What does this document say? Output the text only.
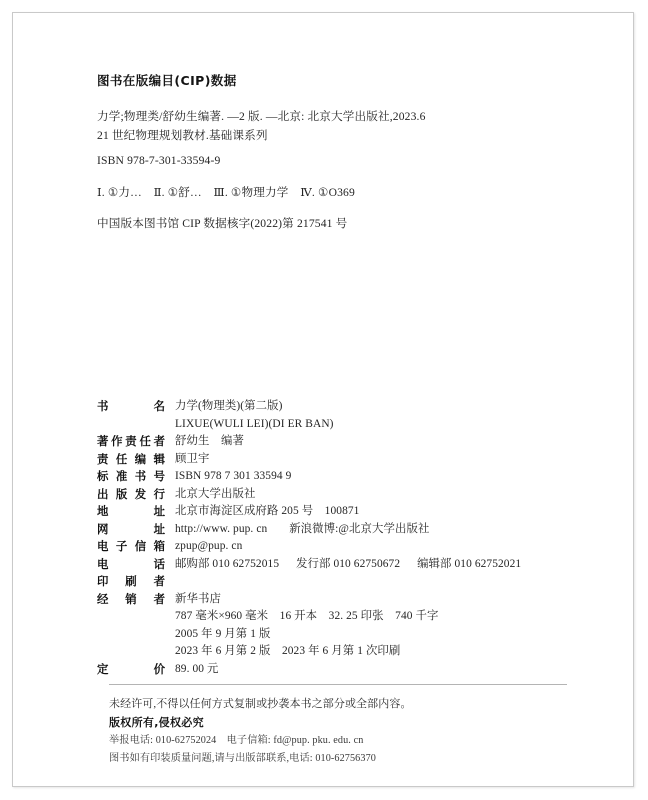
图书在版编目(CIP)数据
力学;物理类/舒幼生编著. —2 版. —北京: 北京大学出版社,2023.6
21 世纪物理规划教材.基础课系列
ISBN 978-7-301-33594-9
Ⅰ. ①力…　Ⅱ. ①舒…　Ⅲ. ①物理力学　Ⅳ. ①O369
中国版本图书馆 CIP 数据核字(2022)第 217541 号
书名 力学(物理类)(第二版)
LIXUE(WULI LEI)(DI ER BAN)
著作责任者 舒幼生　编著
责任编辑 顾卫宇
标准书号 ISBN 978 7 301 33594 9
出版发行 北京大学出版社
地址 北京市海淀区成府路 205 号　100871
网址 http://www. pup. cn 新浪微博:@北京大学出版社
电子信箱 zpup@pup. cn
电话 邮购部 010 62752015 发行部 010 62750672 编辑部 010 62752021
印刷者
经销者 新华书店
787 毫米×960 毫米　16 开本　32. 25 印张　740 千字
2005 年 9 月第 1 版
2023 年 6 月第 2 版　2023 年 6 月第 1 次印刷
定价 89. 00 元
未经许可,不得以任何方式复制或抄袭本书之部分或全部内容。
版权所有,侵权必究
举报电话: 010-62752024　电子信箱: fd@pup. pku. edu. cn
图书如有印装质量问题,请与出版部联系,电话: 010-62756370
